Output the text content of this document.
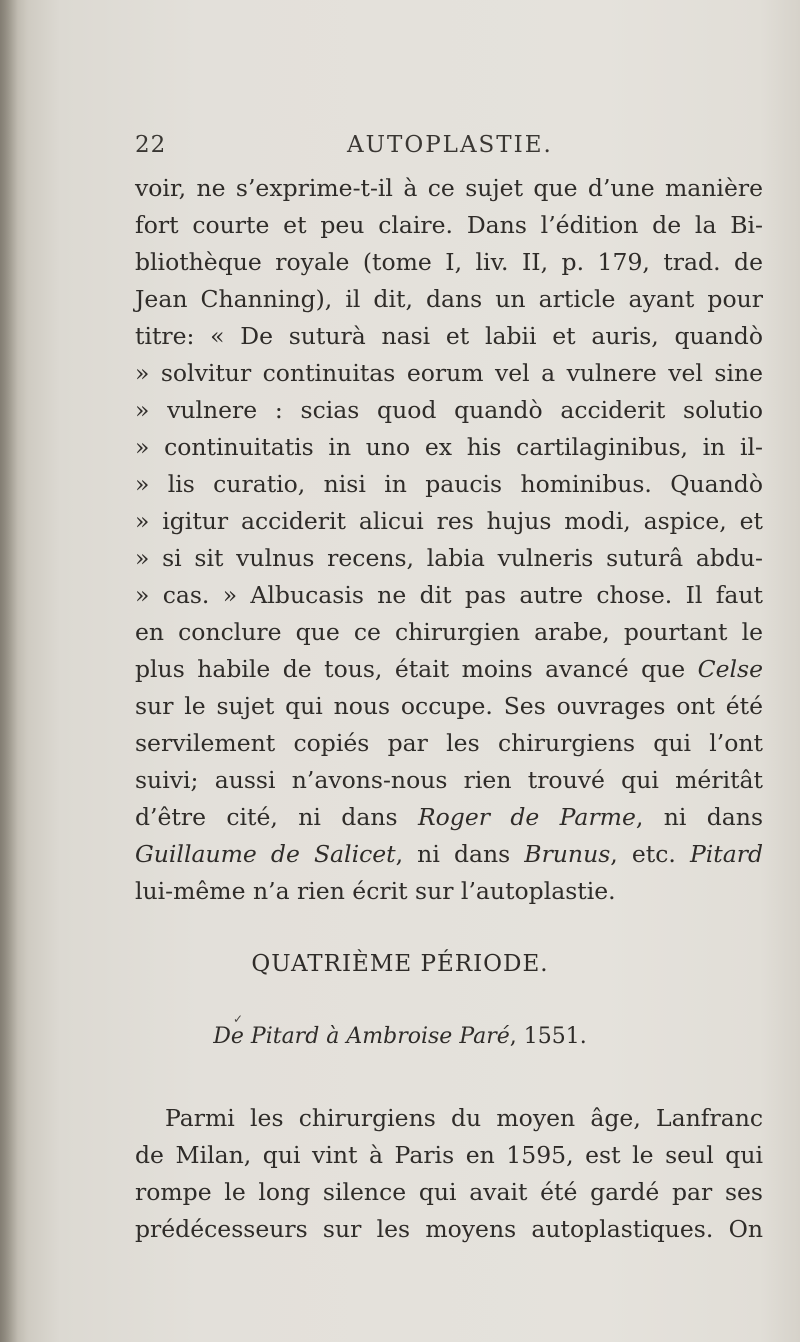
22	AUTOPLASTIE.
voir, ne s’exprime-t-il à ce sujet que d’une manière
fort courte et peu claire. Dans l’édition de la Bi-
bliothèque royale (tome I, liv. II, p. 179, trad. de
Jean Channing), il dit, dans un article ayant pour
titre: « De suturà nasi et labii et auris, quandò
» solvitur continuitas eorum vel a vulnere vel sine
» vulnere : scias quod quandò acciderit solutio
» continuitatis in uno ex his cartilaginibus, in il-
» lis curatio, nisi in paucis hominibus. Quandò
» igitur acciderit alicui res hujus modi, aspice, et
» si sit vulnus recens, labia vulneris suturâ abdu-
» cas. » Albucasis ne dit pas autre chose. Il faut
en conclure que ce chirurgien arabe, pourtant le
plus habile de tous, était moins avancé que Celse
sur le sujet qui nous occupe. Ses ouvrages ont été
servilement copiés par les chirurgiens qui l’ont
suivi; aussi n’avons-nous rien trouvé qui méritât
d’être cité, ni dans Roger de Parme, ni dans
Guillaume de Salicet, ni dans Brunus, etc. Pitard
lui-même n’a rien écrit sur l’autoplastie.
QUATRIÈME PÉRIODE.
✓
De Pitard à Ambroise Paré, 1551.
Parmi les chirurgiens du moyen âge, Lanfranc
de Milan, qui vint à Paris en 1595, est le seul qui
rompe le long silence qui avait été gardé par ses
prédécesseurs sur les moyens autoplastiques. On
